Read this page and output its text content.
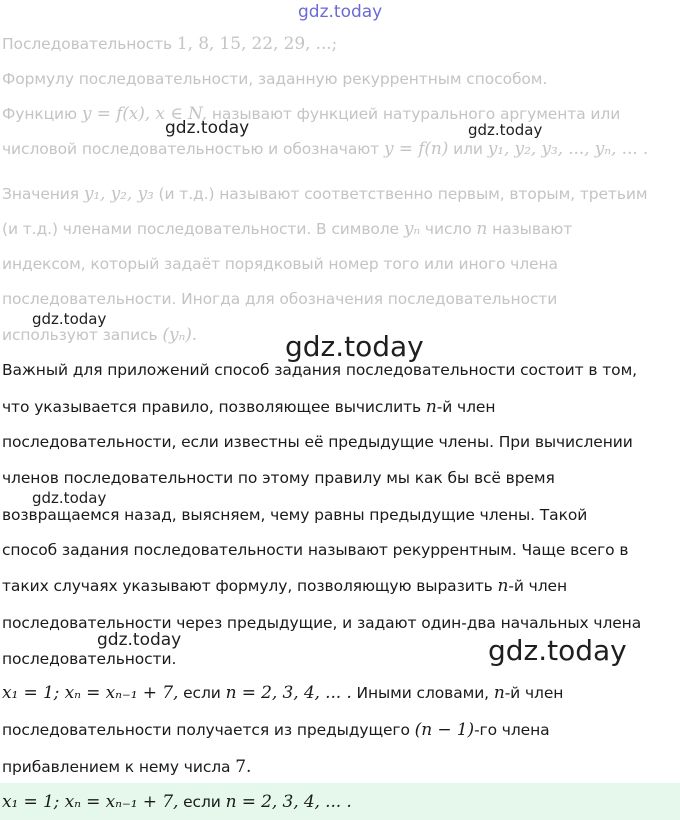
gdz.today
gdz.today	gdz.today
gdz.today
gdz.today
gdz.today
gdz.today	gdz.today
Последовательность 1, 8, 15, 22, 29, ...;
Формулу последовательности, заданную рекуррентным способом.
Функцию y = f(x), x ∈ N, называют функцией натурального аргумента или
числовой последовательностью и обозначают y = f(n) или y₁, y₂, y₃, ..., yₙ, ... .
Значения y₁, y₂, y₃ (и т.д.) называют соответственно первым, вторым, третьим
(и т.д.) членами последовательности. В символе yₙ число n называют
индексом, который задаёт порядковый номер того или иного члена
последовательности. Иногда для обозначения последовательности
используют запись (yₙ).
Важный для приложений способ задания последовательности состоит в том,
что указывается правило, позволяющее вычислить n-й член
последовательности, если известны её предыдущие члены. При вычислении
членов последовательности по этому правилу мы как бы всё время
возвращаемся назад, выясняем, чему равны предыдущие члены. Такой
способ задания последовательности называют рекуррентным. Чаще всего в
таких случаях указывают формулу, позволяющую выразить n-й член
последовательности через предыдущие, и задают один-два начальных члена
последовательности.
x₁ = 1; xₙ = xₙ₋₁ + 7, если n = 2, 3, 4, ... . Иными словами, n-й член
последовательности получается из предыдущего (n − 1)-го члена
прибавлением к нему числа 7.
x₁ = 1; xₙ = xₙ₋₁ + 7, если n = 2, 3, 4, ... .
